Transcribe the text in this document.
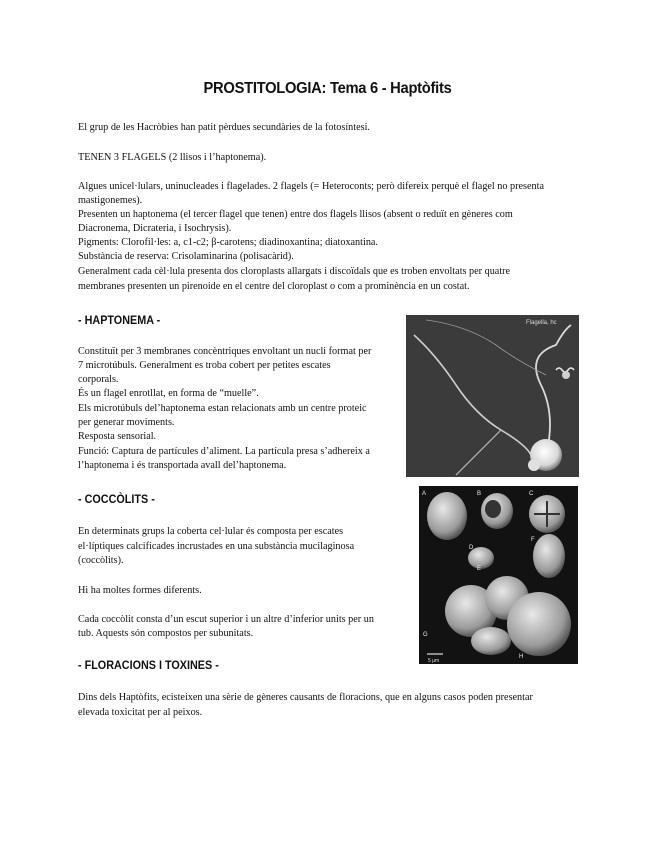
PROSTITOLOGIA: Tema 6 - Haptòfits

El grup de les Hacròbies han patit pèrdues secundàries de la fotosíntesi.

TENEN 3 FLAGELS (2 llisos i l’haptonema).

Algues unicel·lulars, uninucleades i flagelades. 2 flagels (= Heteroconts; però difereix perquè el flagel no presenta

mastigonemes).

Presenten un haptonema (el tercer flagel que tenen) entre dos flagels llisos (absent o reduït en gèneres com

Diacronema, Dicrateria, i Isochrysis).

Pigments: Clorofil·les: a, c1-c2; β-carotens; diadinoxantina; diatoxantina.

Substància de reserva: Crisolaminarina (polisacàrid).

Generalment cada cèl·lula presenta dos cloroplasts allargats i discoïdals que es troben envoltats per quatre

membranes presenten un pirenoide en el centre del cloroplast o com a prominència en un costat.

- HAPTONEMA -

Constituït per 3 membranes concèntriques envoltant un nucli format per

7 microtúbuls. Generalment es troba cobert per petites escates

corporals.

És un flagel enrotllat, en forma de “muelle”.

Els microtúbuls del’haptonema estan relacionats amb un centre proteic

per generar moviments.

Resposta sensorial.

Funció: Captura de partícules d’aliment. La partícula presa s’adhereix a

l’haptonema i és transportada avall del’haptonema.

Flagella, hc
- COCCÒLITS -

En determinats grups la coberta cel·lular és composta per escates

el·líptiques calcificades incrustades en una substància mucilaginosa

(coccòlits).

Hi ha moltes formes diferents.

Cada coccòlit consta d’un escut superior i un altre d’inferior units per un

tub. Aquests són compostos per subunitats.

A	B	C
D
E
F
G
H
5 µm
- FLORACIONS I TOXINES -

Dins dels Haptòfits, ecisteixen una sèrie de gèneres causants de floracions, que en alguns casos poden presentar

elevada toxicitat per al peixos.
